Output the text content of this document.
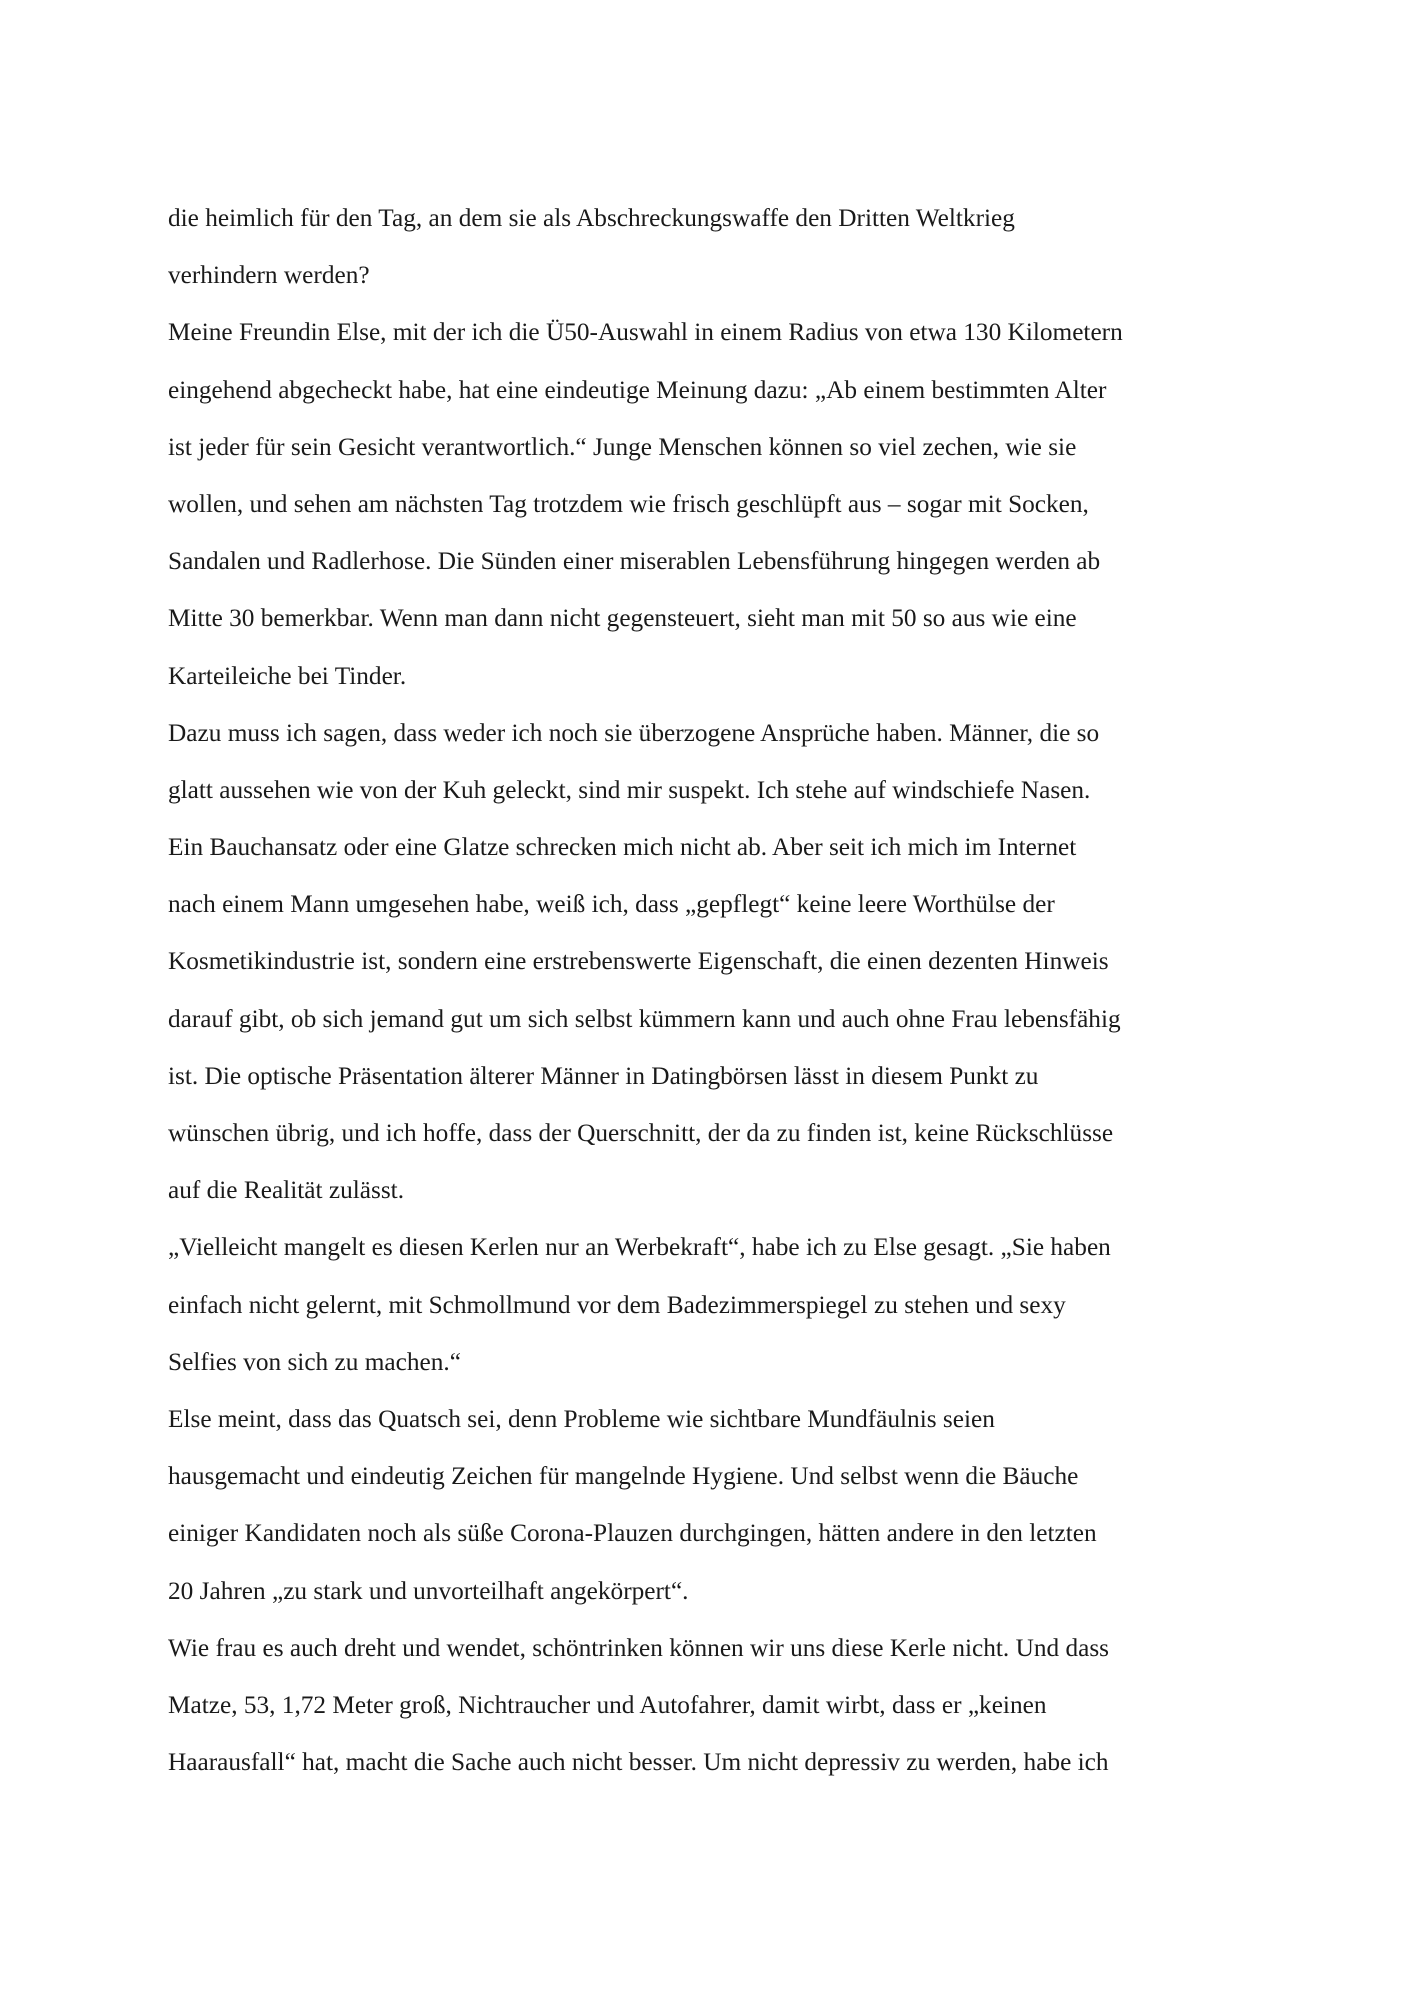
die heimlich für den Tag, an dem sie als Abschreckungswaffe den Dritten Weltkrieg
verhindern werden?
Meine Freundin Else, mit der ich die Ü50-Auswahl in einem Radius von etwa 130 Kilometern
eingehend abgecheckt habe, hat eine eindeutige Meinung dazu: „Ab einem bestimmten Alter
ist jeder für sein Gesicht verantwortlich.“ Junge Menschen können so viel zechen, wie sie
wollen, und sehen am nächsten Tag trotzdem wie frisch geschlüpft aus – sogar mit Socken,
Sandalen und Radlerhose. Die Sünden einer miserablen Lebensführung hingegen werden ab
Mitte 30 bemerkbar. Wenn man dann nicht gegensteuert, sieht man mit 50 so aus wie eine
Karteileiche bei Tinder.
Dazu muss ich sagen, dass weder ich noch sie überzogene Ansprüche haben. Männer, die so
glatt aussehen wie von der Kuh geleckt, sind mir suspekt. Ich stehe auf windschiefe Nasen.
Ein Bauchansatz oder eine Glatze schrecken mich nicht ab. Aber seit ich mich im Internet
nach einem Mann umgesehen habe, weiß ich, dass „gepflegt“ keine leere Worthülse der
Kosmetikindustrie ist, sondern eine erstrebenswerte Eigenschaft, die einen dezenten Hinweis
darauf gibt, ob sich jemand gut um sich selbst kümmern kann und auch ohne Frau lebensfähig
ist. Die optische Präsentation älterer Männer in Datingbörsen lässt in diesem Punkt zu
wünschen übrig, und ich hoffe, dass der Querschnitt, der da zu finden ist, keine Rückschlüsse
auf die Realität zulässt.
„Vielleicht mangelt es diesen Kerlen nur an Werbekraft“, habe ich zu Else gesagt. „Sie haben
einfach nicht gelernt, mit Schmollmund vor dem Badezimmerspiegel zu stehen und sexy
Selfies von sich zu machen.“
Else meint, dass das Quatsch sei, denn Probleme wie sichtbare Mundfäulnis seien
hausgemacht und eindeutig Zeichen für mangelnde Hygiene. Und selbst wenn die Bäuche
einiger Kandidaten noch als süße Corona-Plauzen durchgingen, hätten andere in den letzten
20 Jahren „zu stark und unvorteilhaft angekörpert“.
Wie frau es auch dreht und wendet, schöntrinken können wir uns diese Kerle nicht. Und dass
Matze, 53, 1,72 Meter groß, Nichtraucher und Autofahrer, damit wirbt, dass er „keinen
Haarausfall“ hat, macht die Sache auch nicht besser. Um nicht depressiv zu werden, habe ich
